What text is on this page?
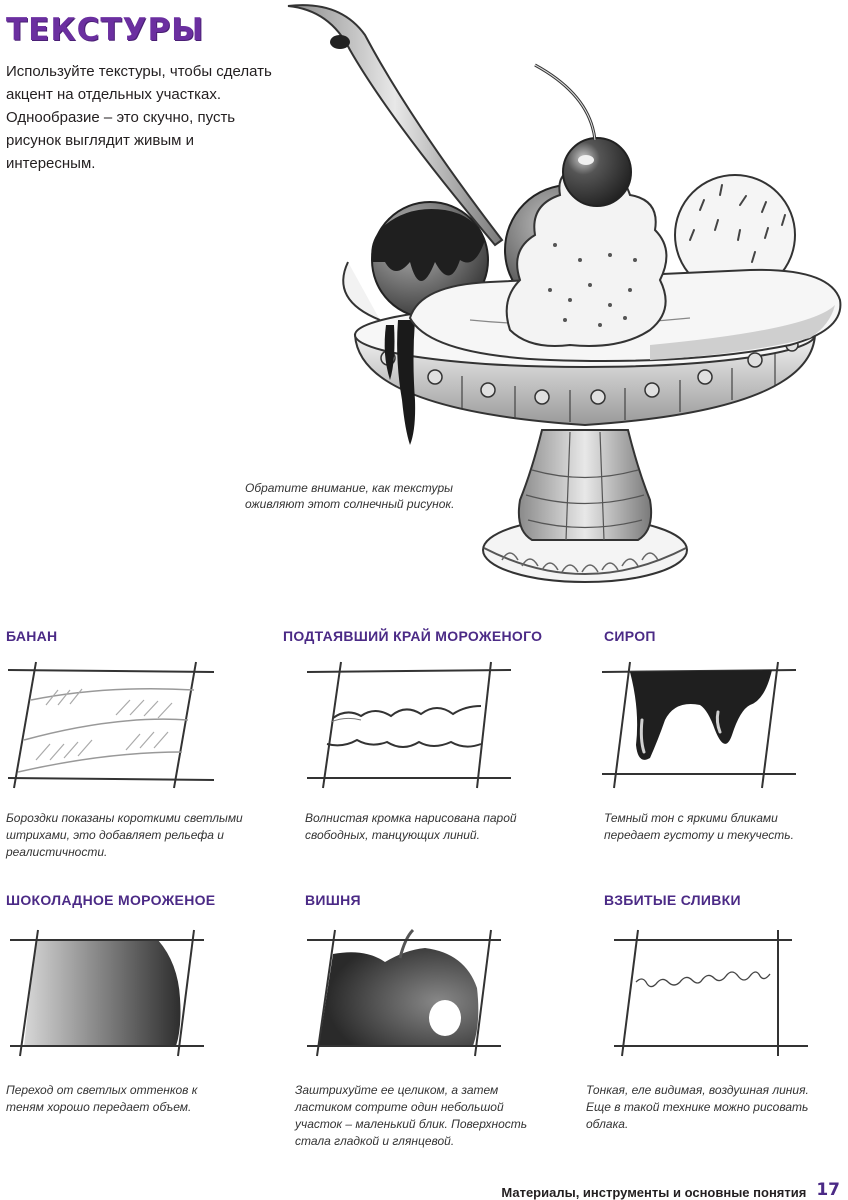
ТЕКСТУРЫ

Используйте текстуры, чтобы сделать акцент на отдельных участках. Однообразие – это скучно, пусть рисунок выглядит живым и интересным.

Обратите внимание, как текстуры оживляют этот солнечный рисунок.

БАНАН

Бороздки показаны короткими светлыми штрихами, это добавляет рельефа и реалистичности.

ПОДТАЯВШИЙ КРАЙ МОРОЖЕНОГО

Волнистая кромка нарисована парой свободных, танцующих линий.

СИРОП

Темный тон с яркими бликами передает густоту и текучесть.

ШОКОЛАДНОЕ МОРОЖЕНОЕ

Переход от светлых оттенков к теням хорошо передает объем.

ВИШНЯ

Заштрихуйте ее целиком, а затем ластиком сотрите один небольшой участок – маленький блик. Поверхность стала гладкой и глянцевой.

ВЗБИТЫЕ СЛИВКИ

Тонкая, еле видимая, воздушная линия. Еще в такой технике можно рисовать облака.

Материалы, инструменты и основные понятия 17
